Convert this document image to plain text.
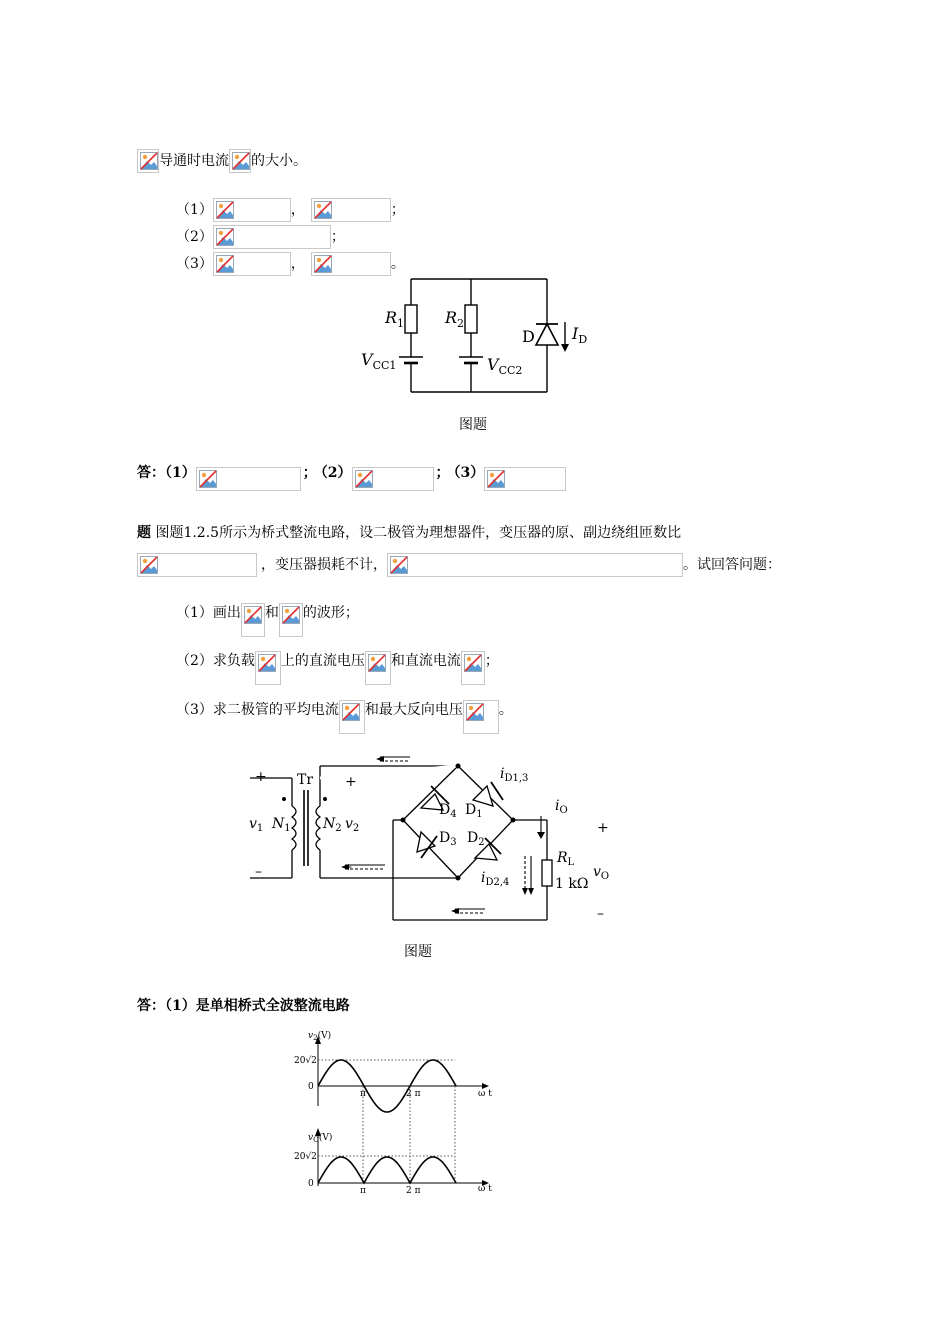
导通时电流 的大小。
（1）	，	；
（2）	；
（3）	，	。
$R_1$	$R_2$
$V_{CC1}$	$V_{CC2}$
D $I_D$
图题
答：（1）	； （2）	； （3）
题 图题1.2.5所示为桥式整流电路，设二极管为理想器件，变压器的原、副边绕组匝数比
，变压器损耗不计，	。试回答问题：
（1）画出 和 的波形；
（2）求负载 上的直流电压 和直流电流 ；
（3）求二极管的平均电流 和最大反向电压	。
+
–
Tr
$v_1$ $N_1$ $N_2$ $v_2$
+
–
$D_4$ $D_1$
$D_3$ $D_2$
$i_{D1,3}$
$i_{D2,4}$
$i_O$
$R_L$
1 kΩ
$v_O$
+
–
图题
答：（1）是单相桥式全波整流电路
$v_2(V)$
20√2
0
π	2 π	ω t
$v_O(V)$
20√2
0
π	2 π	ω t
